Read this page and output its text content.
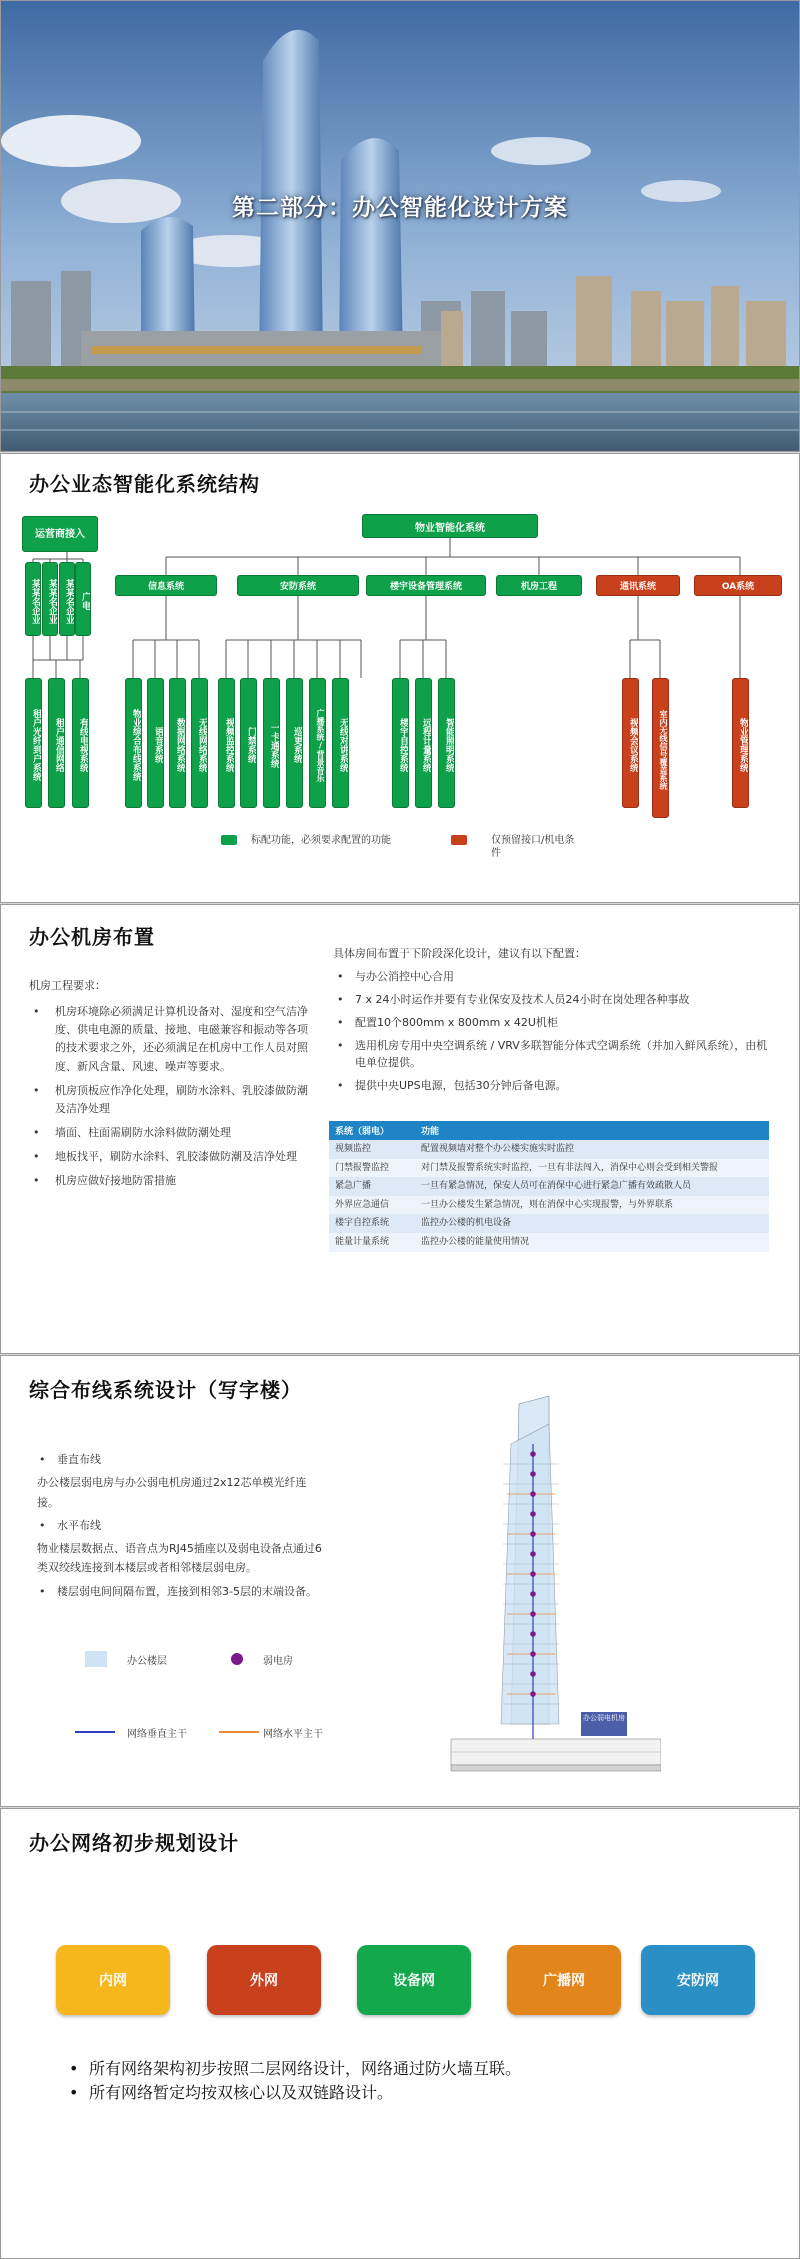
第二部分：办公智能化设计方案
办公业态智能化系统结构
物业智能化系统
运营商接入
某某名企业 某某名企业 某某名企业 广电
租户光纤到户系统	租户通信网络	有线电视系统
信息系统	安防系统	楼宇设备管理系统	机房工程	通讯系统	OA系统
物业综合布线系统	语音系统	数据网络系统	无线网络系统	视频监控系统	门禁系统	一卡通系统	巡更系统	广播系统/背景音乐	无线对讲系统	楼宇自控系统	远程计量系统	智能照明系统	视频会议系统	室内无线信号覆盖系统	物业管理系统
标配功能，必须要求配置的功能	仅预留接口/机电条件
办公机房布置
机房工程要求：
• 机房环境除必须满足计算机设备对、湿度和空气洁净度、供电电源的质量、接地、电磁兼容和振动等各项的技术要求之外，还必须满足在机房中工作人员对照度、新风含量、风速、噪声等要求。
• 机房顶板应作净化处理，刷防水涂料、乳胶漆做防潮及洁净处理
• 墙面、柱面需刷防水涂料做防潮处理
• 地板找平，刷防水涂料、乳胶漆做防潮及洁净处理
• 机房应做好接地防雷措施
具体房间布置于下阶段深化设计，建议有以下配置：
• 与办公消控中心合用
• 7 x 24小时运作并要有专业保安及技术人员24小时在岗处理各种事故
• 配置10个800mm x 800mm x 42U机柜
• 选用机房专用中央空调系统 / VRV多联智能分体式空调系统（并加入鲜风系统），由机电单位提供。
• 提供中央UPS电源，包括30分钟后备电源。
系统（弱电）	功能
视频监控	配置视频墙对整个办公楼实施实时监控
门禁报警监控	对门禁及报警系统实时监控，一旦有非法闯入，消保中心则会受到相关警报
紧急广播	一旦有紧急情况，保安人员可在消保中心进行紧急广播有效疏散人员
外界应急通信	一旦办公楼发生紧急情况，则在消保中心实现报警，与外界联系
楼宇自控系统	监控办公楼的机电设备
能量计量系统	监控办公楼的能量使用情况
综合布线系统设计（写字楼）
• 垂直布线

办公楼层弱电房与办公弱电机房通过2x12芯单模光纤连接。

• 水平布线

物业楼层数据点、语音点为RJ45插座以及弱电设备点通过6类双绞线连接到本楼层或者相邻楼层弱电房。

• 楼层弱电间间隔布置，连接到相邻3-5层的末端设备。
办公楼层	弱电房
网络垂直主干	网络水平主干
办公弱电机房
办公网络初步规划设计
内网	外网	设备网	广播网	安防网
• 所有网络架构初步按照二层网络设计，网络通过防火墙互联。
• 所有网络暂定均按双核心以及双链路设计。
